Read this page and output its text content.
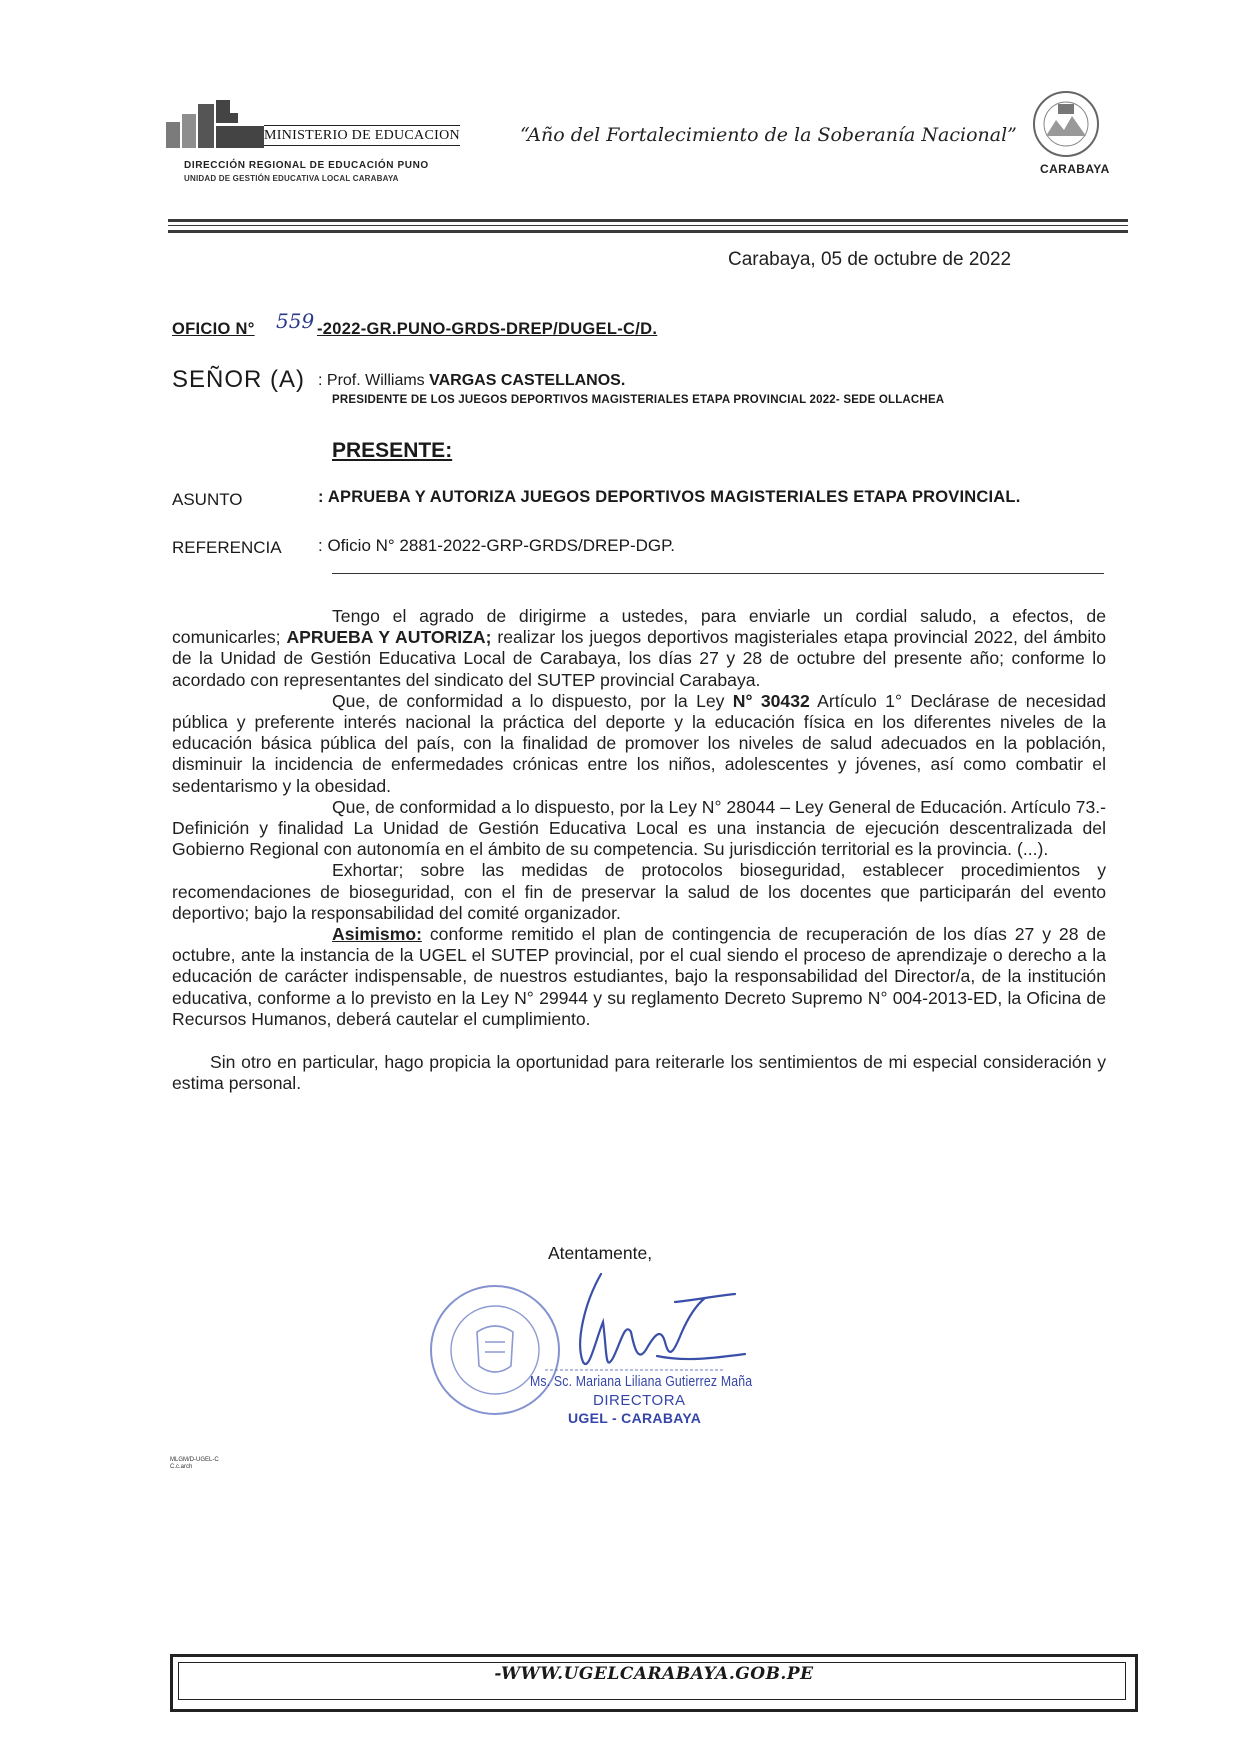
MINISTERIO DE EDUCACION
DIRECCIÓN REGIONAL DE EDUCACIÓN PUNO
UNIDAD DE GESTIÓN EDUCATIVA LOCAL CARABAYA
“Año del Fortalecimiento de la Soberanía Nacional”
CARABAYA
Carabaya, 05 de octubre de 2022
OFICIO N° 559 -2022-GR.PUNO-GRDS-DREP/DUGEL-C/D.
SEÑOR (A) : Prof. Williams VARGAS CASTELLANOS.
PRESIDENTE DE LOS JUEGOS DEPORTIVOS MAGISTERIALES ETAPA PROVINCIAL 2022- SEDE OLLACHEA
PRESENTE:
ASUNTO	: APRUEBA Y AUTORIZA JUEGOS DEPORTIVOS MAGISTERIALES ETAPA PROVINCIAL.
REFERENCIA : Oficio N° 2881-2022-GRP-GRDS/DREP-DGP.

Tengo el agrado de dirigirme a ustedes, para enviarle un cordial saludo, a efectos, de comunicarles; APRUEBA Y AUTORIZA; realizar los juegos deportivos magisteriales etapa provincial 2022, del ámbito de la Unidad de Gestión Educativa Local de Carabaya, los días 27 y 28 de octubre del presente año; conforme lo acordado con representantes del sindicato del SUTEP provincial Carabaya.

Que, de conformidad a lo dispuesto, por la Ley N° 30432 Artículo 1° Declárase de necesidad pública y preferente interés nacional la práctica del deporte y la educación física en los diferentes niveles de la educación básica pública del país, con la finalidad de promover los niveles de salud adecuados en la población, disminuir la incidencia de enfermedades crónicas entre los niños, adolescentes y jóvenes, así como combatir el sedentarismo y la obesidad.

Que, de conformidad a lo dispuesto, por la Ley N° 28044 – Ley General de Educación. Artículo 73.- Definición y finalidad La Unidad de Gestión Educativa Local es una instancia de ejecución descentralizada del Gobierno Regional con autonomía en el ámbito de su competencia. Su jurisdicción territorial es la provincia. (...).

Exhortar; sobre las medidas de protocolos bioseguridad, establecer procedimientos y recomendaciones de bioseguridad, con el fin de preservar la salud de los docentes que participarán del evento deportivo; bajo la responsabilidad del comité organizador.

Asimismo: conforme remitido el plan de contingencia de recuperación de los días 27 y 28 de octubre, ante la instancia de la UGEL el SUTEP provincial, por el cual siendo el proceso de aprendizaje o derecho a la educación de carácter indispensable, de nuestros estudiantes, bajo la responsabilidad del Director/a, de la institución educativa, conforme a lo previsto en la Ley N° 29944 y su reglamento Decreto Supremo N° 004-2013-ED, la Oficina de Recursos Humanos, deberá cautelar el cumplimiento.

Sin otro en particular, hago propicia la oportunidad para reiterarle los sentimientos de mi especial consideración y estima personal.

Atentamente,
Ms. Sc. Mariana Liliana Gutierrez Maña
DIRECTORA
UGEL - CARABAYA
MLGM/D-UGEL-C
C.c.arch
-WWW.UGELCARABAYA.GOB.PE
